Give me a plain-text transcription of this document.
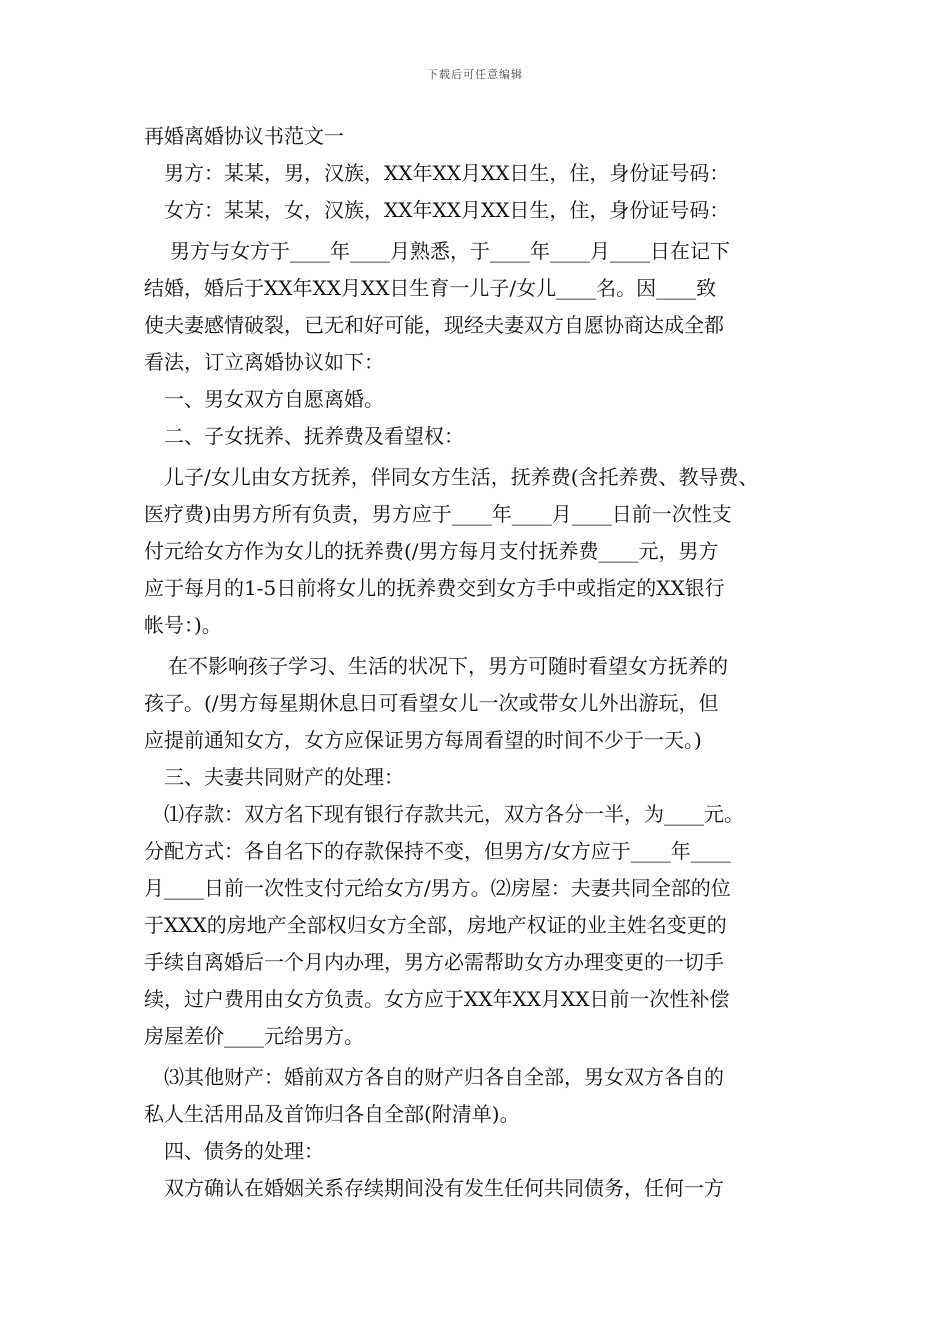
下载后可任意编辑
再婚离婚协议书范文一
男方：某某，男，汉族，XX年XX月XX日生，住，身份证号码：
女方：某某，女，汉族，XX年XX月XX日生，住，身份证号码：
男方与女方于____年____月熟悉，于____年____月____日在记下
结婚，婚后于XX年XX月XX日生育一儿子/女儿____名。因____致
使夫妻感情破裂，已无和好可能，现经夫妻双方自愿协商达成全都
看法，订立离婚协议如下：
一、男女双方自愿离婚。
二、子女抚养、抚养费及看望权：
儿子/女儿由女方抚养，伴同女方生活，抚养费(含托养费、教导费、
医疗费)由男方所有负责，男方应于____年____月____日前一次性支
付元给女方作为女儿的抚养费(/男方每月支付抚养费____元，男方
应于每月的1-5日前将女儿的抚养费交到女方手中或指定的XX银行
帐号：)。
在不影响孩子学习、生活的状况下，男方可随时看望女方抚养的
孩子。(/男方每星期休息日可看望女儿一次或带女儿外出游玩，但
应提前通知女方，女方应保证男方每周看望的时间不少于一天。)
三、夫妻共同财产的处理：
⑴存款：双方名下现有银行存款共元，双方各分一半，为____元。
分配方式：各自名下的存款保持不变，但男方/女方应于____年____
月____日前一次性支付元给女方/男方。⑵房屋：夫妻共同全部的位
于XXX的房地产全部权归女方全部，房地产权证的业主姓名变更的
手续自离婚后一个月内办理，男方必需帮助女方办理变更的一切手
续，过户费用由女方负责。女方应于XX年XX月XX日前一次性补偿
房屋差价____元给男方。
⑶其他财产：婚前双方各自的财产归各自全部，男女双方各自的
私人生活用品及首饰归各自全部(附清单)。
四、债务的处理：
双方确认在婚姻关系存续期间没有发生任何共同债务，任何一方
